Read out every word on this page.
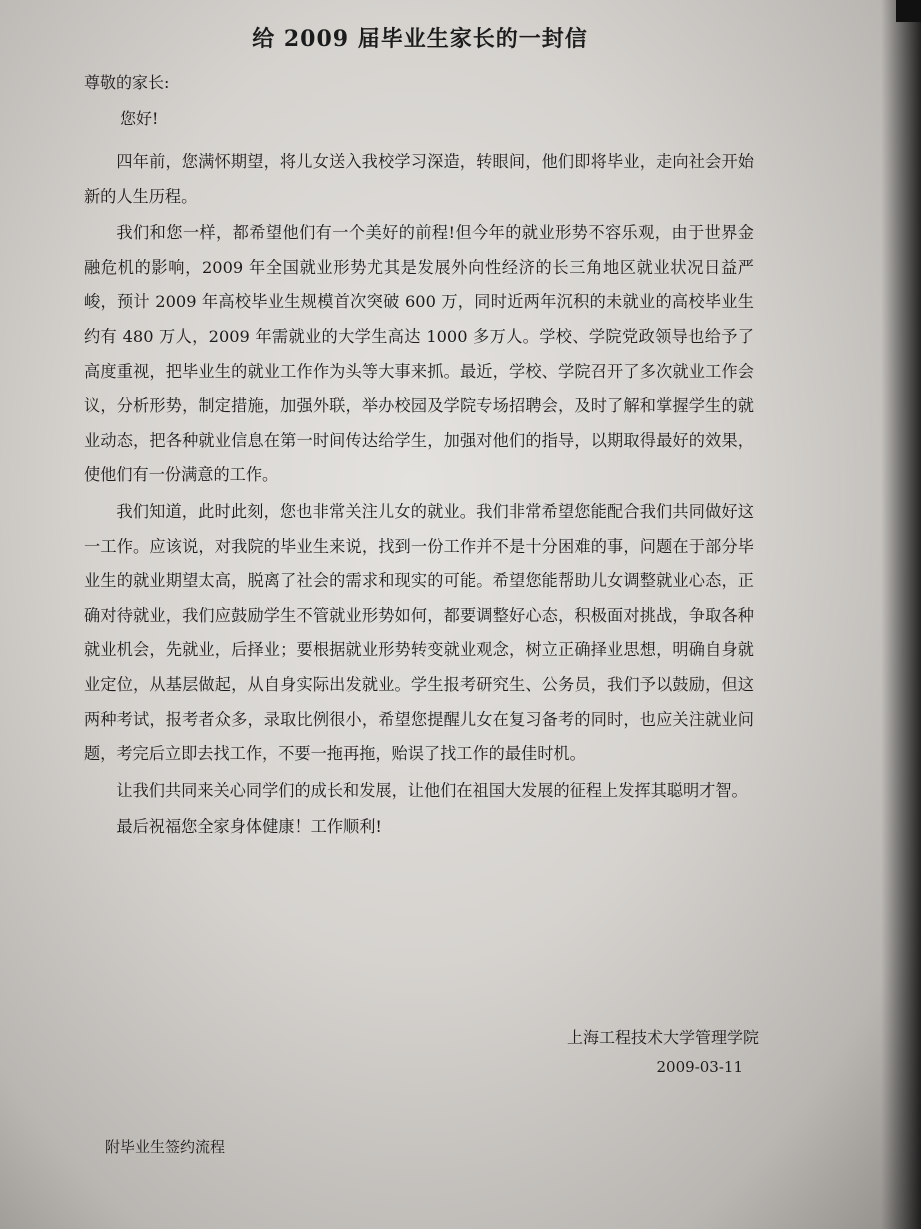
给 2009 届毕业生家长的一封信
尊敬的家长:
您好!

四年前，您满怀期望，将儿女送入我校学习深造，转眼间，他们即将毕业，走向社会开始新的人生历程。

我们和您一样，都希望他们有一个美好的前程!但今年的就业形势不容乐观，由于世界金融危机的影响，2009 年全国就业形势尤其是发展外向性经济的长三角地区就业状况日益严峻，预计 2009 年高校毕业生规模首次突破 600 万，同时近两年沉积的未就业的高校毕业生约有 480 万人，2009 年需就业的大学生高达 1000 多万人。学校、学院党政领导也给予了高度重视，把毕业生的就业工作作为头等大事来抓。最近，学校、学院召开了多次就业工作会议，分析形势，制定措施，加强外联，举办校园及学院专场招聘会，及时了解和掌握学生的就业动态，把各种就业信息在第一时间传达给学生，加强对他们的指导，以期取得最好的效果，使他们有一份满意的工作。

我们知道，此时此刻，您也非常关注儿女的就业。我们非常希望您能配合我们共同做好这一工作。应该说，对我院的毕业生来说，找到一份工作并不是十分困难的事，问题在于部分毕业生的就业期望太高，脱离了社会的需求和现实的可能。希望您能帮助儿女调整就业心态，正确对待就业，我们应鼓励学生不管就业形势如何，都要调整好心态，积极面对挑战，争取各种就业机会，先就业，后择业；要根据就业形势转变就业观念，树立正确择业思想，明确自身就业定位，从基层做起，从自身实际出发就业。学生报考研究生、公务员，我们予以鼓励，但这两种考试，报考者众多，录取比例很小，希望您提醒儿女在复习备考的同时，也应关注就业问题，考完后立即去找工作，不要一拖再拖，贻误了找工作的最佳时机。

让我们共同来关心同学们的成长和发展，让他们在祖国大发展的征程上发挥其聪明才智。

最后祝福您全家身体健康！工作顺利!

上海工程技术大学管理学院
2009-03-11
附毕业生签约流程
